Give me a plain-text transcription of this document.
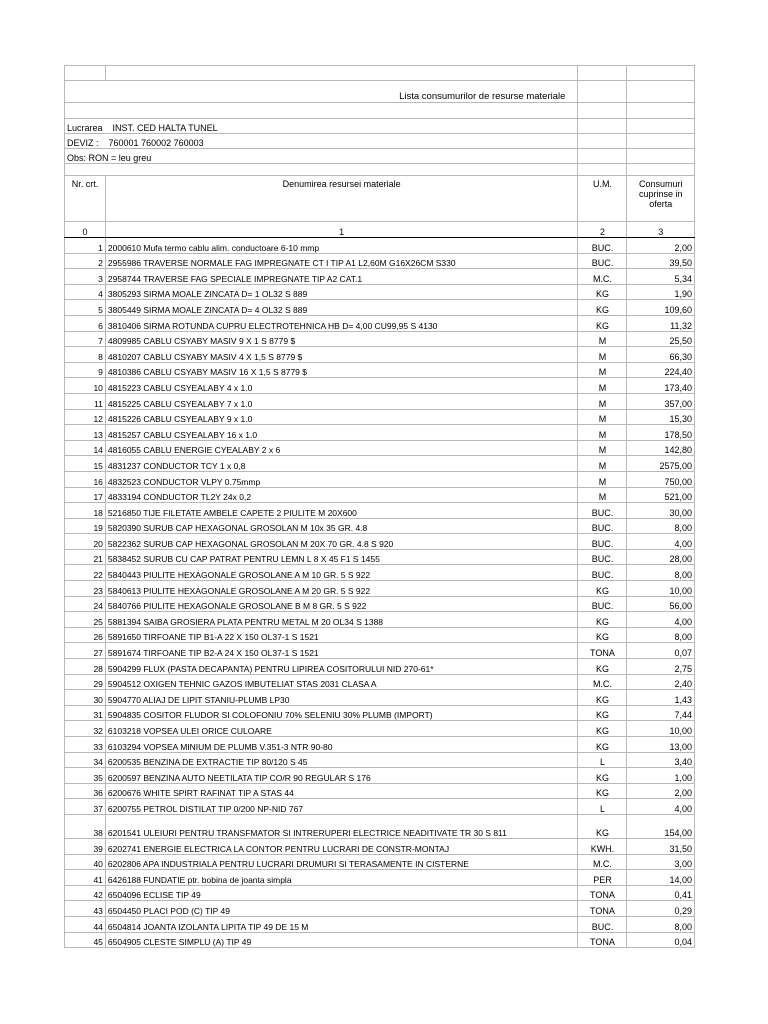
	Lista consumurilor de resurse materiale		

Lucrarea INST. CED HALTA TUNEL			
DEVIZ : 760001 760002 760003			
Obs: RON = leu greu			

Nr. crt.	Denumirea resursei materiale	U.M.	Consumuri cuprinse in oferta
0	1	2	3
1	2000610 Mufa termo cablu alim. conductoare 6-10 mmp	BUC.	2,00
2	2955986 TRAVERSE NORMALE FAG IMPREGNATE CT I TIP A1 L2,60M G16X26CM S330	BUC.	39,50
3	2958744 TRAVERSE FAG SPECIALE IMPREGNATE TIP A2 CAT.1	M.C.	5,34
4	3805293 SIRMA MOALE ZINCATA D= 1 OL32 S 889	KG	1,90
5	3805449 SIRMA MOALE ZINCATA D= 4 OL32 S 889	KG	109,60
6	3810406 SIRMA ROTUNDA CUPRU ELECTROTEHNICA HB D= 4,00 CU99,95 S 4130	KG	11,32
7	4809985 CABLU CSYABY MASIV 9 X 1 S 8779 $	M	25,50
8	4810207 CABLU CSYABY MASIV 4 X 1,5 S 8779 $	M	66,30
9	4810386 CABLU CSYABY MASIV 16 X 1,5 S 8779 $	M	224,40
10	4815223 CABLU CSYEALABY 4 x 1.0	M	173,40
11	4815225 CABLU CSYEALABY 7 x 1.0	M	357,00
12	4815226 CABLU CSYEALABY 9 x 1.0	M	15,30
13	4815257 CABLU CSYEALABY 16 x 1.0	M	178,50
14	4816055 CABLU ENERGIE CYEALABY 2 x 6	M	142,80
15	4831237 CONDUCTOR TCY 1 x 0,8	M	2575,00
16	4832523 CONDUCTOR VLPY 0.75mmp	M	750,00
17	4833194 CONDUCTOR TL2Y 24x 0,2	M	521,00
18	5216850 TIJE FILETATE AMBELE CAPETE 2 PIULITE M 20X600	BUC.	30,00
19	5820390 SURUB CAP HEXAGONAL GROSOLAN M 10x 35 GR. 4.8	BUC.	8,00
20	5822362 SURUB CAP HEXAGONAL GROSOLAN M 20X 70 GR. 4.8 S 920	BUC.	4,00
21	5838452 SURUB CU CAP PATRAT PENTRU LEMN L 8 X 45 F1 S 1455	BUC.	28,00
22	5840443 PIULITE HEXAGONALE GROSOLANE A M 10 GR. 5 S 922	BUC.	8,00
23	5840613 PIULITE HEXAGONALE GROSOLANE A M 20 GR. 5 S 922	KG	10,00
24	5840766 PIULITE HEXAGONALE GROSOLANE B M 8 GR. 5 S 922	BUC.	56,00
25	5881394 SAIBA GROSIERA PLATA PENTRU METAL M 20 OL34 S 1388	KG	4,00
26	5891650 TIRFOANE TIP B1-A 22 X 150 OL37-1 S 1521	KG	8,00
27	5891674 TIRFOANE TIP B2-A 24 X 150 OL37-1 S 1521	TONA	0,07
28	5904299 FLUX (PASTA DECAPANTA) PENTRU LIPIREA COSITORULUI NID 270-61*	KG	2,75
29	5904512 OXIGEN TEHNIC GAZOS IMBUTELIAT STAS 2031 CLASA A	M.C.	2,40
30	5904770 ALIAJ DE LIPIT STANIU-PLUMB LP30	KG	1,43
31	5904835 COSITOR FLUDOR SI COLOFONIU 70% SELENIU 30% PLUMB (IMPORT)	KG	7,44
32	6103218 VOPSEA ULEI ORICE CULOARE	KG	10,00
33	6103294 VOPSEA MINIUM DE PLUMB V.351-3 NTR 90-80	KG	13,00
34	6200535 BENZINA DE EXTRACTIE TIP 80/120 S 45	L	3,40
35	6200597 BENZINA AUTO NEETILATA TIP CO/R 90 REGULAR S 176	KG	1,00
36	6200676 WHITE SPIRT RAFINAT TIP A STAS 44	KG	2,00
37	6200755 PETROL DISTILAT TIP 0/200 NP-NID 767	L	4,00
38	6201541 ULEIURI PENTRU TRANSFMATOR SI INTRERUPERI ELECTRICE NEADITIVATE TR 30 S 811	KG	154,00
39	6202741 ENERGIE ELECTRICA LA CONTOR PENTRU LUCRARI DE CONSTR-MONTAJ	KWH.	31,50
40	6202806 APA INDUSTRIALA PENTRU LUCRARI DRUMURI SI TERASAMENTE IN CISTERNE	M.C.	3,00
41	6426188 FUNDATIE ptr. bobina de joanta simpla	PER	14,00
42	6504096 ECLISE TIP 49	TONA	0,41
43	6504450 PLACI POD (C) TIP 49	TONA	0,29
44	6504814 JOANTA IZOLANTA LIPITA TIP 49 DE 15 M	BUC.	8,00
45	6504905 CLESTE SIMPLU (A) TIP 49	TONA	0,04
